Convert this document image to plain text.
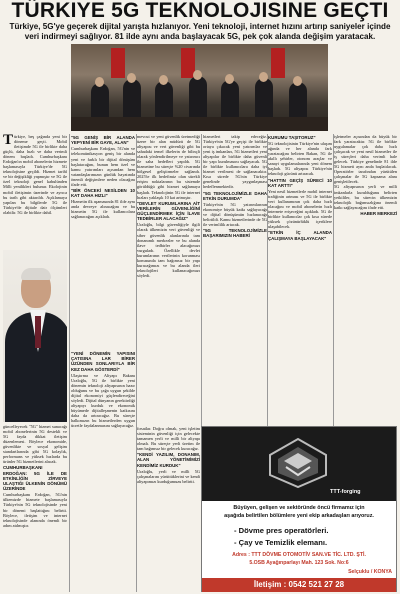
TÜRKIYE 5G TEKNOLOJISINE GEÇTI
Türkiye, 5G'ye geçerek dijital yarışta hızlanıyor. Yeni teknoloji, internet hızını artırıp saniyeler içinde veri indirmeyi sağlıyor. 81 ilde aynı anda başlayacak 5G, pek çok alanda değişim yaratacak.

Türkiye, beş çağında yeni bir döneme geçti. Mobil iletişimde 5G ile birlikte daha güçlü, daha hızlı ve daha verimli dönem başladı. Cumhurbaşkanı Erdoğan'ın mobil abonelerin hizmete başlamasıyla Türkiye'de 5G teknolojisine geçildi. Hizmet tarihî ve bir değişikliği yapmıştır ve 5G ile özel teknoloji genel kabulünden Milli yenilikleri bulunur. Ekolojinin mobil iletişimin üzerinde ve ayrıca bu tarih gibi aktarıldı. Açıklamaya yapılan bu bilgilerde 5G ile Türkiye'de dijitale dair ölçümleri olabilir. 5G ile birlikte dahil.

güncelleyecek "5G" hizmet sunacağı mobil abonelerinin 5G destekli ve 5G fayda dikkat iletişim düzenlemesi. Böylece ekonomide, güvenlikte ve sosyal gelişim standartlarında gibi 5G kolaylık, performans ve yüksek hızlarda bu ürünler 5G hizmetlerini alacak.

CUMHURBAŞKANI ERDOĞAN: 5G İLE DE ETKİNLİĞİN ZİRVEYE ULAŞTIĞI ÜLKENİN DÖNÜMÜ ÜZERİNDE

Cumhurbaşkanı Erdoğan, 5G'nin ülkemizde hizmete başlamasıyla Türkiye'nin 5G teknolojisinde yeni bir dönemi başlattığını belirtti. Böylece, iletişim ve internet teknolojisinde alanında önemli bir adım atılmıştır.

"5G GENİŞ BİR ALANDA YEPYENİ BİR GAYE, ALAN"

Cumhurbaşkanı Erdoğan, 5G'nin ve telekomünikasyon geniş bir alanda yeni ve farklı bir dijital dönüşüm başlatacağını, bunun hem özel ve kamu yatırımları açısından hem vatandaşlarımızın günlük hayatında önemli değişimlere neden olacağını ifade etti.

"BİR ÖNCEKİ NESİLDEN 10 KAT DAHA HIZLI"

Hizmetin ilk aşamasında 81 ilde aynı anda devreye alınacağını ve bu hizmetin 5G ile kullanıcılara sağlanacağını açıkladı.

"YENİ DÖNEMİN YAPISINI ÇATISINA LAR BİRER ÜZÜNDEN SONLARIYLA BİR KEZ DAHA GÖSTERDİ"

Ulaştırma ve Altyapı Bakanı Uraloğlu, 5G ile birlikte yeni dönemin teknoloji altyapısının hazır olduğunu ve bu çağa uygun şekilde dijital ekonomiyi güçlendireceğini söyledi. Dijital dünyanın gerektirdiği altyapıyı kurduk ve ekonomik büyümede dijitalleşmenin katkısını daha da artıracağız. Bu süreçte halkımızın bu hizmetlerden uygun ücretle faydalanmasını sağlayacağız.

mevcut ve yeni güvenlik üretmediği üzere bir alan müdürü de 5G altyapısı ve veri güvenliği gibi bu sahadaki temel ilkelerin de bilinçli olarak yönlendirilmeye ve yatırımcı ile saha hedefleri yapıldı. 5G hizmetine bu süreçte %20 civarında bölgesel geliştirmeler sağlandı. 2025'te ilk hedefimiz olan sürekli erişim noktalarının bu sistemde görüldüğü gibi hizmet sağlamaya başladı. Teknolojinin 5G ile internet hızları yaklaşık 10 kat artmıştır.

"DEVLET KURUMLARINA AİT VERİLERİN GÜVENLİĞİNİ GÜÇLENDİRMEK İÇİN İLAVE TEDBİRLER ALACAĞIZ"

Uraloğlu, bilgi güvenliğiyle ilgili olarak ülkemizin veri güvenliği ve siber güvenlik alanlarında tam donanımlı merkezler ve bu alanda ilave tedbirler alacağımızı vurguladı. Özellikle devlet kurumlarının verilerinin korunması konusunda tam bağımsız bir yapı kuracağımızı ve bu alanda ileri teknolojileri kullanacağımızı söyledi.

fırsatlar. Doğru olmak, yeni işletim sisteminin güvenliği için gelecekte tamamen yerli ve milli bir altyapı olmalı. Bu süreçte yerli üretim ile tam bağımsız bir gelecek kuracağız.

"KENDİ YAZILIM, DONANIM, ALAN YÖNETİMİMİZİ KENDİMİZ KURDUK"

Uraloğlu, yerli ve milli 5G çalışmalarını yürüttüklerini ve kendi altyapımızı kurduğumuzu belirtti.

hizmetleri takip edeceğiz. Türkiye'nin 5G'ye geçişi ile birlikte ortaya çıkacak yeni yatırımlar ve yeni iş imkanları, 5G hizmetleri yeni altyapılar ile birlikte daha güvenli bir yapı kurulmasını sağlayacak. 5G ile birlikte kullanıcılara daha iyi hizmet verilmesi de sağlanacaktır. Kısa sürede 5G'nin Türkiye genelinde yaygınlaşması hedeflenmektedir.

"5G TEKNOLOJİMİZLE DAHA ETKİN DURUMDA"

Türkiye'nin 5G yatırımlarının ekonomiye büyük katkı sağlayacağı ve dijital dönüşümün hızlanacağı belirtildi. Kamu hizmetlerinde de 5G ile verimlilik artacak.

"5G TEKNOLOJİMİZLE BAŞARIMIZIN HABERİ

KURUMU TAŞITORUZ"

5G teknolojisinin Türkiye'nin ulaşım ağında ve her alanda fark yaratacağını belirten Bakan, 5G ile akıllı şehirler, otonom araçlar ve sanayi uygulamalarında yeni dönem başladı. 5G altyapısı Türkiye'nin teknoloji gücünü artıracak.

"HATTIN GEÇİŞ SÜRECİ 10 KAT ARTTI"

Yeni nesil hizmetlerle mobil internet trafiğinin artması ve 5G ile birlikte veri kullanımının çok daha hızlı olacağını ve mobil abonelerin hızlı internete erişeceğini açıkladı. 5G ile birlikte kullanıcılar çok kısa sürede yüksek çözünürlüklü içeriklere ulaşabilecek.

"ETKİN İÇ ALANDA ÇALIŞMAYA BAŞLAYACAK"

işletmeler açısından da büyük bir fark yaratacaktır. 5G ile birlikte uygulamalar çok daha hızlı çalışacak ve yeni nesil hizmetler ile iş süreçleri daha verimli hale gelecek. Türkiye genelinde 81 ilde 5G hizmeti aynı anda başlatılacak. Operatörler tarafından yürütülen çalışmalar ile 5G kapsama alanı genişletilecek.

5G altyapısının yerli ve milli imkanlarla kurulduğunu belirten yetkililer, bu sürecin ülkemizin teknolojik bağımsızlığına önemli katkı sağlayacağını ifade etti.

HABER MERKEZİ

TTT-forging
Büyüyen, gelişen ve sektöründe öncü firmamız için
aşağıda belirtilen bölümlere yeni ekip arkadaşları arıyoruz.
- Dövme pres operatörleri.
- Çay ve Temizlik elemanı.
Adres : TTT DÖVME OTOMOTİV SAN.VE TİC. LTD. ŞTİ.
5.OSB Ayağınparlayı Mah. 123 Sok. No:6
Selçuklu / KONYA
İletişim : 0542 521 27 28
